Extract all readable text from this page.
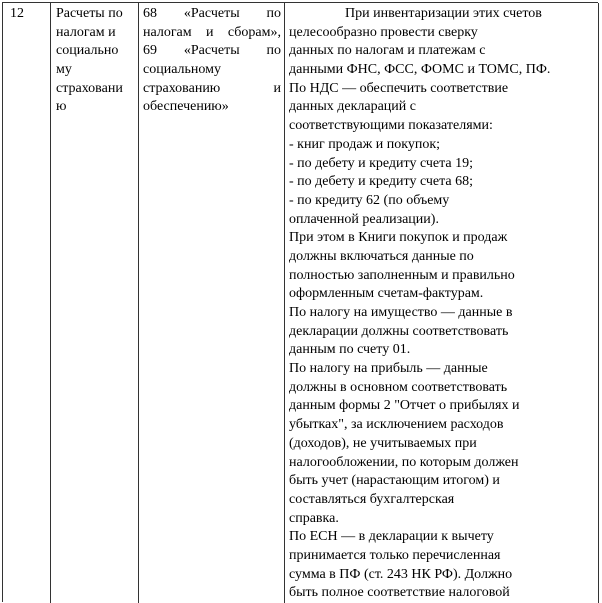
12 Расчеты по
налогам и
социально
му
страховани
ю
68 «Расчеты по
налогам и сборам»,
69 «Расчеты по
социальному
страхованию	и
обеспечению»
При инвентаризации этих счетов
целесообразно провести сверку
данных по налогам и платежам с
данными ФНС, ФСС, ФОМС и ТОМС, ПФ.
По НДС — обеспечить соответствие
данных деклараций с
соответствующими показателями:
- книг продаж и покупок;
- по дебету и кредиту счета 19;
- по дебету и кредиту счета 68;
- по кредиту 62 (по объему
оплаченной реализации).
При этом в Книги покупок и продаж
должны включаться данные по
полностью заполненным и правильно
оформленным счетам-фактурам.
По налогу на имущество — данные в
декларации должны соответствовать
данным по счету 01.
По налогу на прибыль — данные
должны в основном соответствовать
данным формы 2 "Отчет о прибылях и
убытках", за исключением расходов
(доходов), не учитываемых при
налогообложении, по которым должен
быть учет (нарастающим итогом) и
составляться бухгалтерская
справка.
По ЕСН — в декларации к вычету
принимается только перечисленная
сумма в ПФ (ст. 243 НК РФ). Должно
быть полное соответствие налоговой
